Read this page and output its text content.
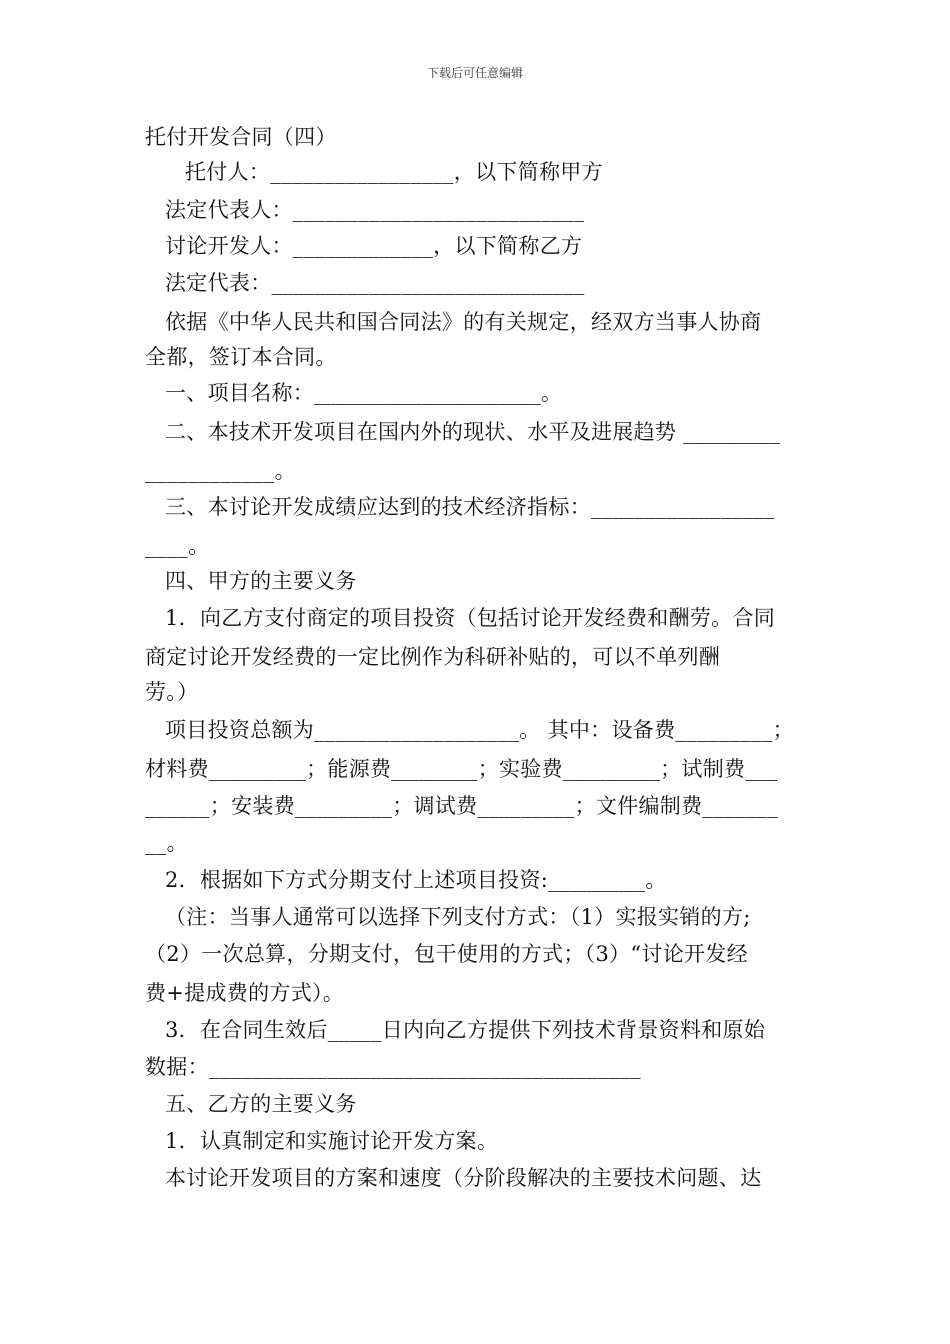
下载后可任意编辑
托付开发合同（四）
托付人：_________________，以下简称甲方
法定代表人：___________________________
讨论开发人：_____________，以下简称乙方
法定代表：_____________________________
依据《中华人民共和国合同法》的有关规定，经双方当事人协商
全都，签订本合同。
一、项目名称：_____________________。
二、本技术开发项目在国内外的现状、水平及进展趋势 _________
____________。
三、本讨论开发成绩应达到的技术经济指标：_________________
____。
四、甲方的主要义务
1．向乙方支付商定的项目投资（包括讨论开发经费和酬劳。合同
商定讨论开发经费的一定比例作为科研补贴的，可以不单列酬
劳。）
项目投资总额为___________________。 其中：设备费_________；
材料费_________；能源费________；实验费_________；试制费___
______；安装费_________；调试费_________；文件编制费_______
__。
2．根据如下方式分期支付上述项目投资:_________。
（注：当事人通常可以选择下列支付方式：（1）实报实销的方;
（2）一次总算，分期支付，包干使用的方式；（3）“讨论开发经
费+提成费的方式）。
3．在合同生效后_____日内向乙方提供下列技术背景资料和原始
数据：________________________________________
五、乙方的主要义务
1．认真制定和实施讨论开发方案。
本讨论开发项目的方案和速度（分阶段解决的主要技术问题、达
